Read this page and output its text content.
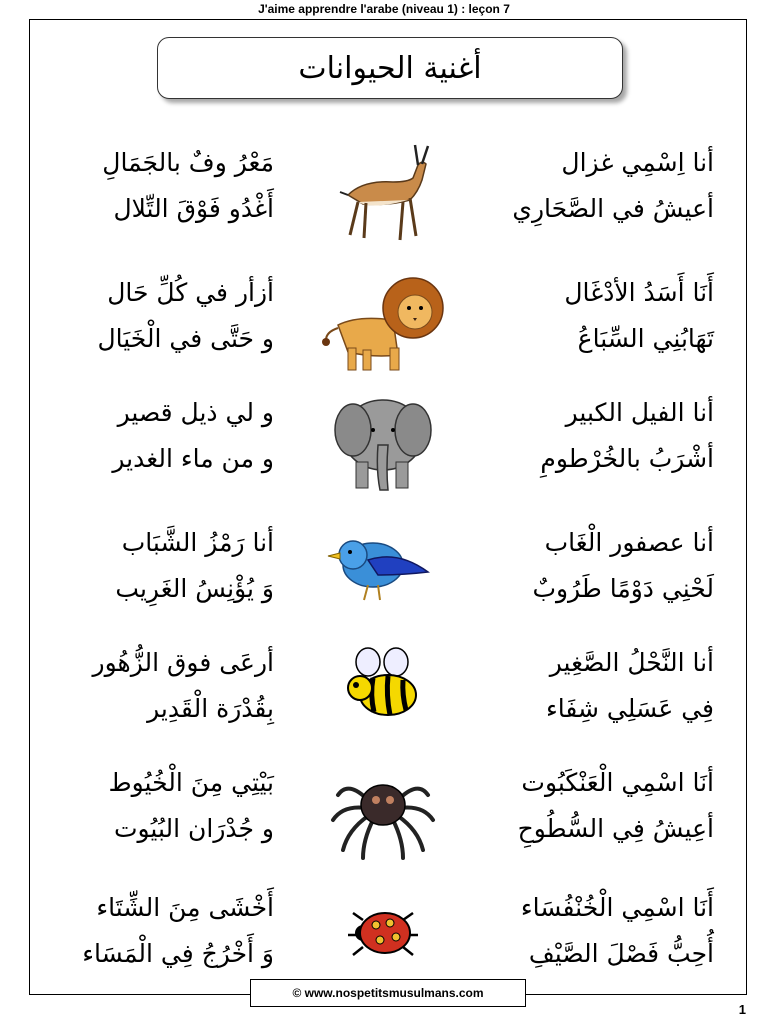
J'aime apprendre l'arabe (niveau 1) : leçon 7
أغنية الحيوانات
أنا اِسْمِي غزال
أعيشُ في الصَّحَارِي
مَعْرُ وفٌ بالجَمَالِ
أَغْدُو فَوْقَ التِّلال
أَنَا أَسَدُ الأدْغَال
تَهَابُنِي السِّبَاعُ
أزأر في كُلِّ حَال
و حَتَّى في الْخَيَال
أنا الفيل الكبير
أشْرَبُ بالخُرْطومِ
و لي ذيل قصير
و من ماء الغدير
أنا عصفور الْغَاب
لَحْنِي دَوْمًا طَرُوبٌ
أنا رَمْزُ الشَّبَاب
وَ يُؤْنِسُ الغَرِيب
أنا النَّحْلُ الصَّغِير
فِي عَسَلِي شِفَاء
أرعَى فوق الزُّهُور
بِقُدْرَة الْقَدِير
أنَا اسْمِي الْعَنْكَبُوت
أعِيشُ فِي السُّطُوحِ
بَيْتِي مِنَ الْخُيُوط
و جُدْرَان البُيُوت
أَنَا اسْمِي الْخُنْفُسَاء
أُحِبُّ فَصْلَ الصَّيْفِ
أَخْشَى مِنَ الشِّتَاء
وَ أَخْرُجُ فِي الْمَسَاء
© www.nospetitsmusulmans.com
1
